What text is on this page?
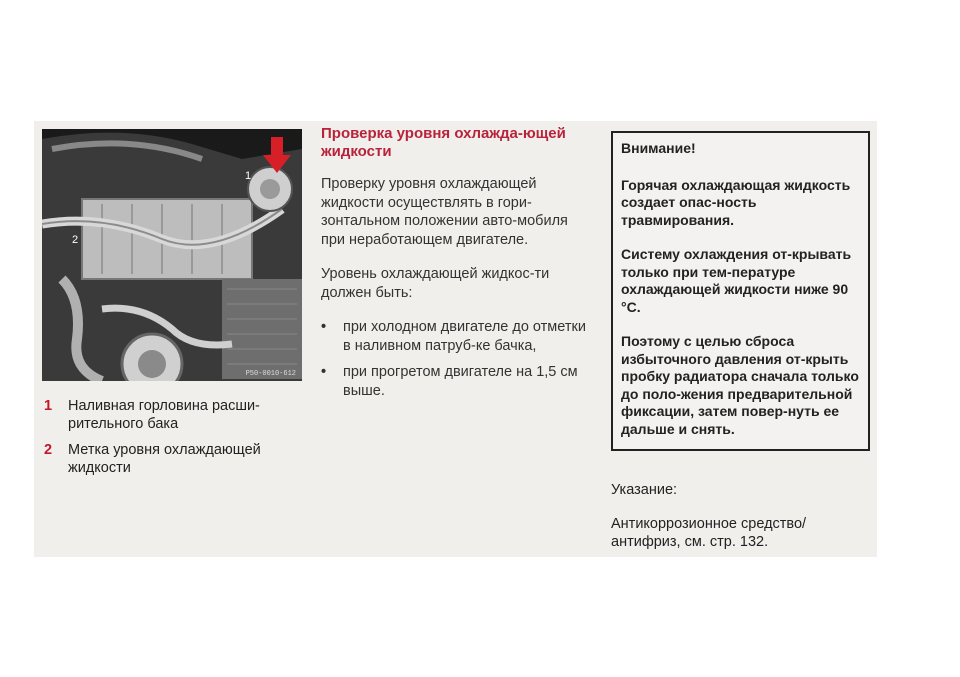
1
2
P50-0010-612
1	Наливная горловина расши-рительного бака
2	Метка уровня охлаждающей жидкости
Проверка уровня охлажда-ющей жидкости

Проверку уровня охлаждающей жидкости осуществлять в гори-зонтальном положении авто-мобиля при неработающем двигателе.

Уровень охлаждающей жидкос-ти должен быть:

•	при холодном двигателе до отметки в наливном патруб-ке бачка,
•	при прогретом двигателе на 1,5 см выше.
Внимание!

Горячая охлаждающая жидкость создает опас-ность травмирования.

Систему охлаждения от-крывать только при тем-пературе охлаждающей жидкости ниже 90 °C.

Поэтому с целью сброса избыточного давления от-крыть пробку радиатора сначала только до поло-жения предварительной фиксации, затем повер-нуть ее дальше и снять.

Указание:
Антикоррозионное средство/ антифриз, см. стр. 132.
